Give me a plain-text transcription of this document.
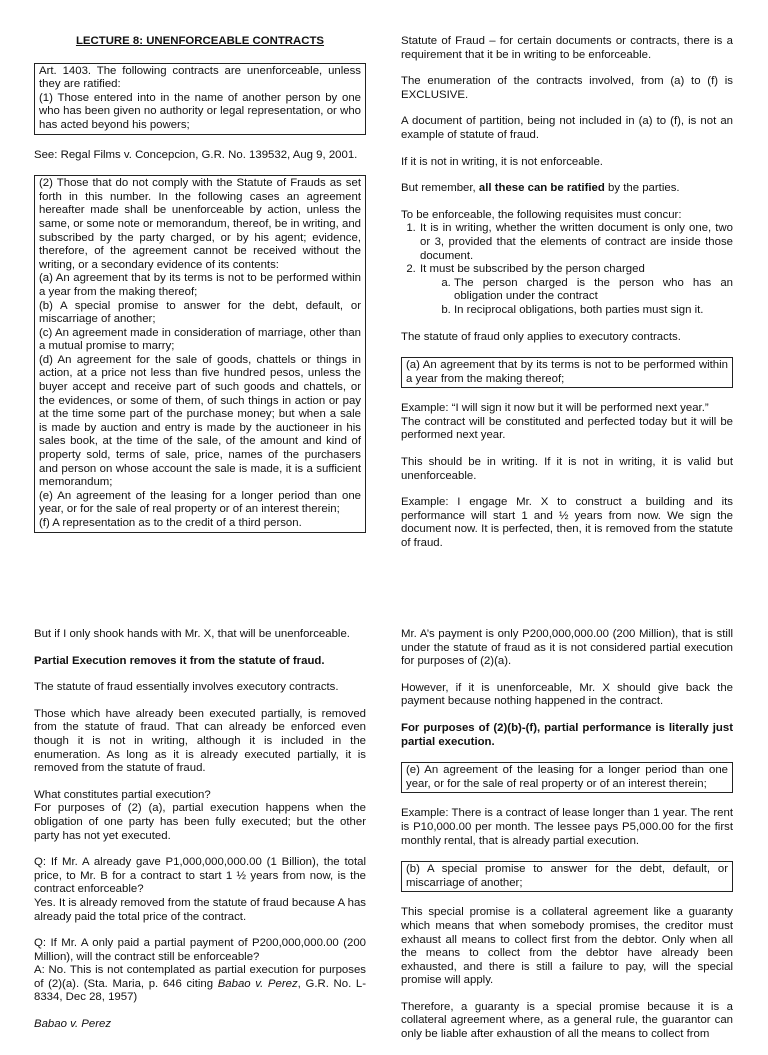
LECTURE 8: UNENFORCEABLE CONTRACTS
Art. 1403. The following contracts are unenforceable, unless they are ratified:
(1) Those entered into in the name of another person by one who has been given no authority or legal representation, or who has acted beyond his powers;

See: Regal Films v. Concepcion, G.R. No. 139532, Aug 9, 2001.

(2) Those that do not comply with the Statute of Frauds as set forth in this number. In the following cases an agreement hereafter made shall be unenforceable by action, unless the same, or some note or memorandum, thereof, be in writing, and subscribed by the party charged, or by his agent; evidence, therefore, of the agreement cannot be received without the writing, or a secondary evidence of its contents:
(a) An agreement that by its terms is not to be performed within a year from the making thereof;
(b) A special promise to answer for the debt, default, or miscarriage of another;
(c) An agreement made in consideration of marriage, other than a mutual promise to marry;
(d) An agreement for the sale of goods, chattels or things in action, at a price not less than five hundred pesos, unless the buyer accept and receive part of such goods and chattels, or the evidences, or some of them, of such things in action or pay at the time some part of the purchase money; but when a sale is made by auction and entry is made by the auctioneer in his sales book, at the time of the sale, of the amount and kind of property sold, terms of sale, price, names of the purchasers and person on whose account the sale is made, it is a sufficient memorandum;
(e) An agreement of the leasing for a longer period than one year, or for the sale of real property or of an interest therein;
(f) A representation as to the credit of a third person.

Statute of Fraud – for certain documents or contracts, there is a requirement that it be in writing to be enforceable.

The enumeration of the contracts involved, from (a) to (f) is EXCLUSIVE.

A document of partition, being not included in (a) to (f), is not an example of statute of fraud.

If it is not in writing, it is not enforceable.

But remember, all these can be ratified by the parties.

To be enforceable, the following requisites must concur:

1. It is in writing, whether the written document is only one, two or 3, provided that the elements of contract are inside those document.
2. It must be subscribed by the person charged
a. The person charged is the person who has an obligation under the contract
b. In reciprocal obligations, both parties must sign it.

The statute of fraud only applies to executory contracts.

(a) An agreement that by its terms is not to be performed within a year from the making thereof;

Example: “I will sign it now but it will be performed next year.”
The contract will be constituted and perfected today but it will be performed next year.

This should be in writing. If it is not in writing, it is valid but unenforceable.

Example: I engage Mr. X to construct a building and its performance will start 1 and ½ years from now. We sign the document now. It is perfected, then, it is removed from the statute of fraud.

But if I only shook hands with Mr. X, that will be unenforceable.

Partial Execution removes it from the statute of fraud.

The statute of fraud essentially involves executory contracts.

Those which have already been executed partially, is removed from the statute of fraud. That can already be enforced even though it is not in writing, although it is included in the enumeration. As long as it is already executed partially, it is removed from the statute of fraud.

What constitutes partial execution?
For purposes of (2) (a), partial execution happens when the obligation of one party has been fully executed; but the other party has not yet executed.

Q: If Mr. A already gave P1,000,000,000.00 (1 Billion), the total price, to Mr. B for a contract to start 1 ½ years from now, is the contract enforceable?
Yes. It is already removed from the statute of fraud because A has already paid the total price of the contract.

Q: If Mr. A only paid a partial payment of P200,000,000.00 (200 Million), will the contract still be enforceable?
A: No. This is not contemplated as partial execution for purposes of (2)(a). (Sta. Maria, p. 646 citing Babao v. Perez, G.R. No. L-8334, Dec 28, 1957)

Babao v. Perez

Mr. A’s payment is only P200,000,000.00 (200 Million), that is still under the statute of fraud as it is not considered partial execution for purposes of (2)(a).

However, if it is unenforceable, Mr. X should give back the payment because nothing happened in the contract.

For purposes of (2)(b)-(f), partial performance is literally just partial execution.

(e) An agreement of the leasing for a longer period than one year, or for the sale of real property or of an interest therein;

Example: There is a contract of lease longer than 1 year. The rent is P10,000.00 per month. The lessee pays P5,000.00 for the first monthly rental, that is already partial execution.

(b) A special promise to answer for the debt, default, or miscarriage of another;

This special promise is a collateral agreement like a guaranty which means that when somebody promises, the creditor must exhaust all means to collect first from the debtor. Only when all the means to collect from the debtor have already been exhausted, and there is still a failure to pay, will the special promise will apply.

Therefore, a guaranty is a special promise because it is a collateral agreement where, as a general rule, the guarantor can only be liable after exhaustion of all the means to collect from
